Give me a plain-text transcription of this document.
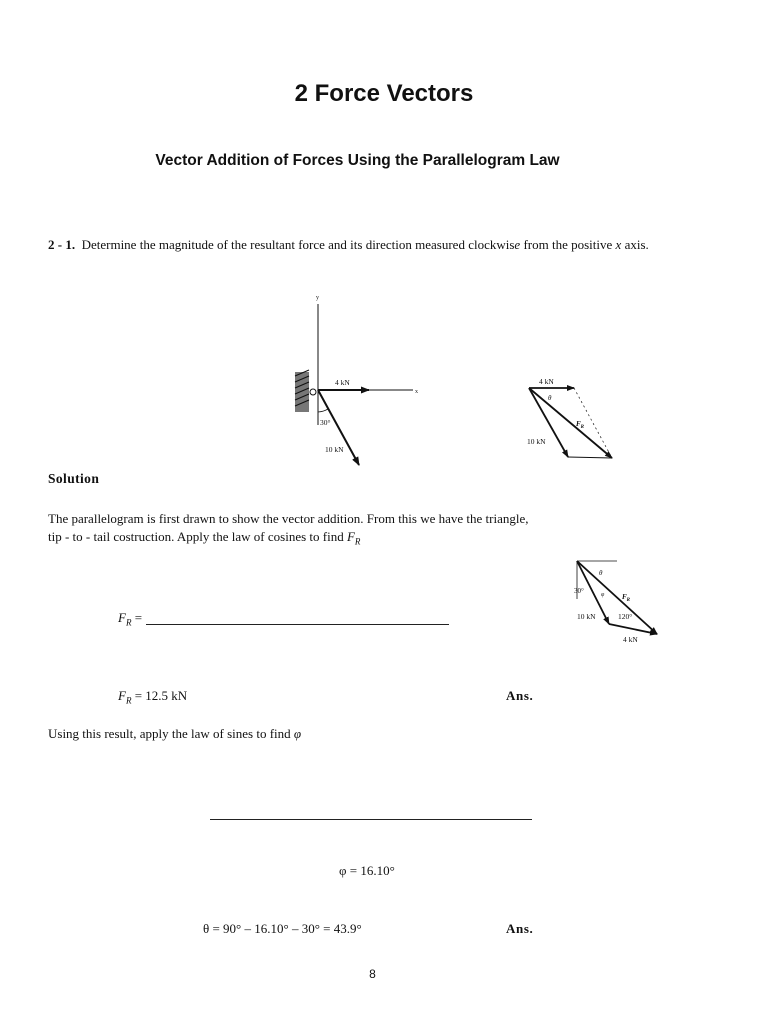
2 Force Vectors
Vector Addition of Forces Using the Parallelogram Law
2 - 1. Determine the magnitude of the resultant force and its direction measured clockwise from the positive x axis.
y
x
4 kN
30°
10 kN
4 kN
θ
$F_R$
10 kN
Solution
The parallelogram is first drawn to show the vector addition. From this we have the triangle,
tip - to - tail costruction. Apply the law of cosines to find $F_R$
$F_R$ =
θ
30°	φ	$F_R$
10 kN	120°
4 kN
$F_R = 12.5$ kN	Ans.
Using this result, apply the law of sines to find φ
φ = 16.10°
θ = 90° – 16.10° – 30° = 43.9°	Ans.
8
